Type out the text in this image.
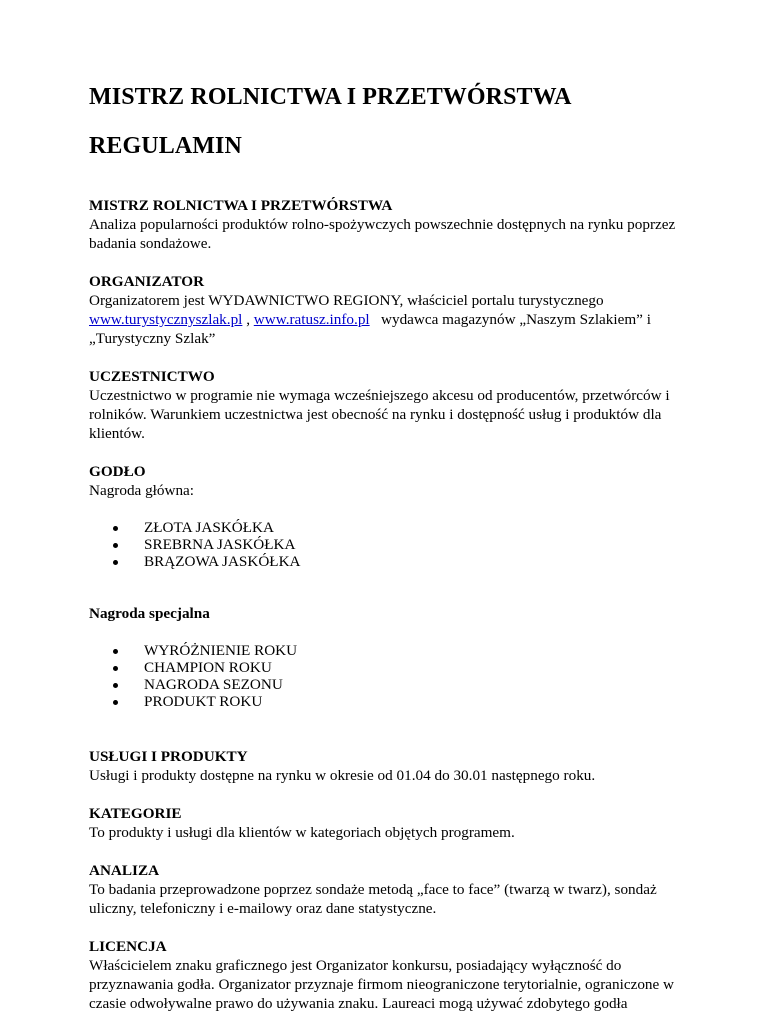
MISTRZ ROLNICTWA I PRZETWÓRSTWA
REGULAMIN

MISTRZ ROLNICTWA I PRZETWÓRSTWA
Analiza popularności produktów rolno-spożywczych powszechnie dostępnych na rynku poprzez badania sondażowe.

ORGANIZATOR
Organizatorem jest WYDAWNICTWO REGIONY, właściciel portalu turystycznego www.turystycznyszlak.pl , www.ratusz.info.pl   wydawca magazynów „Naszym Szlakiem” i „Turystyczny Szlak”

UCZESTNICTWO
Uczestnictwo w programie nie wymaga wcześniejszego akcesu od producentów, przetwórców i rolników. Warunkiem uczestnictwa jest obecność na rynku i dostępność usług i produktów dla klientów.

GODŁO
Nagroda główna:

ZŁOTA JASKÓŁKA
SREBRNA JASKÓŁKA
BRĄZOWA JASKÓŁKA
Nagroda specjalna
WYRÓŻNIENIE ROKU
CHAMPION ROKU
NAGRODA SEZONU
PRODUKT ROKU

USŁUGI I PRODUKTY
Usługi i produkty dostępne na rynku w okresie od 01.04 do 30.01 następnego roku.

KATEGORIE
To produkty i usługi dla klientów w kategoriach objętych programem.

ANALIZA
To badania przeprowadzone poprzez sondaże metodą „face to face” (twarzą w twarz), sondaż uliczny, telefoniczny i e-mailowy oraz dane statystyczne.

LICENCJA
Właścicielem znaku graficznego jest Organizator konkursu, posiadający wyłączność do przyznawania godła. Organizator przyznaje firmom nieograniczone terytorialnie, ograniczone w czasie odwoływalne prawo do używania znaku. Laureaci mogą używać zdobytego godła
